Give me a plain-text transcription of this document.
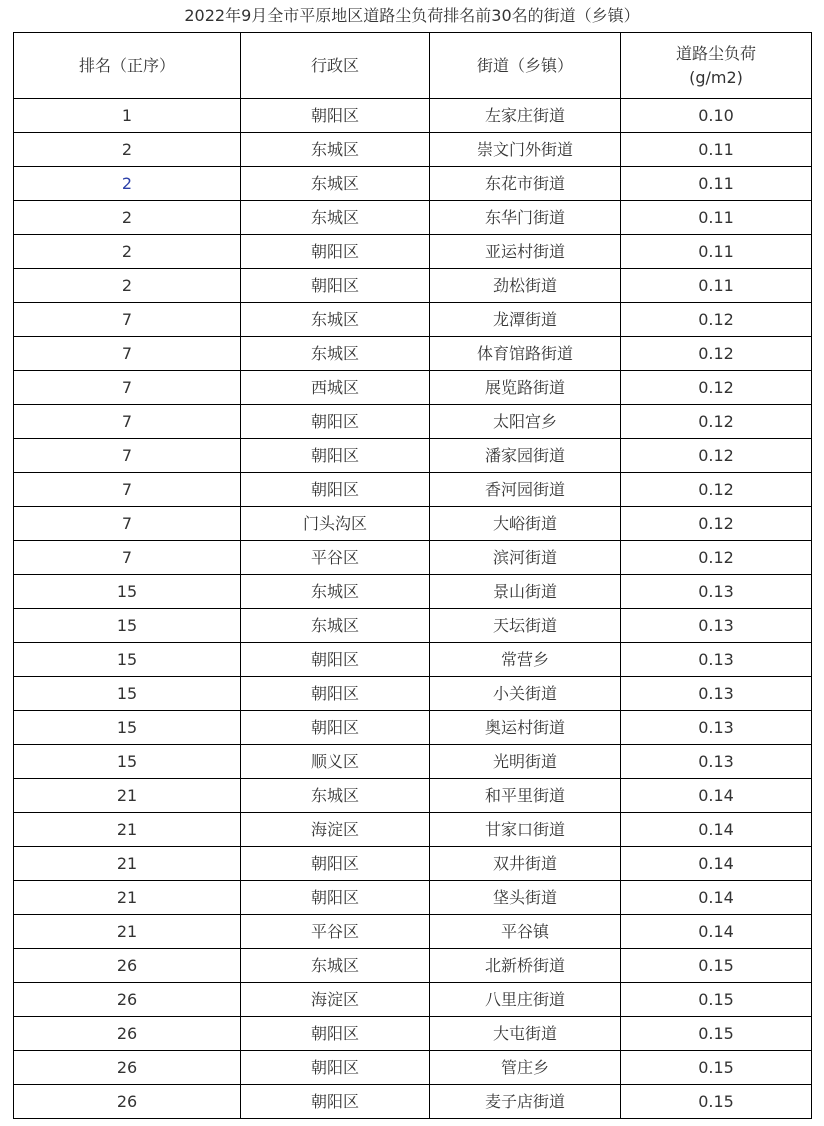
2022年9月全市平原地区道路尘负荷排名前30名的街道（乡镇）
排名（正序）	行政区	街道（乡镇）	道路尘负荷
(g/m2)

1	朝阳区	左家庄街道	0.10
2	东城区	崇文门外街道	0.11
2	东城区	东花市街道	0.11
2	东城区	东华门街道	0.11
2	朝阳区	亚运村街道	0.11
2	朝阳区	劲松街道	0.11
7	东城区	龙潭街道	0.12
7	东城区	体育馆路街道	0.12
7	西城区	展览路街道	0.12
7	朝阳区	太阳宫乡	0.12
7	朝阳区	潘家园街道	0.12
7	朝阳区	香河园街道	0.12
7	门头沟区	大峪街道	0.12
7	平谷区	滨河街道	0.12
15	东城区	景山街道	0.13
15	东城区	天坛街道	0.13
15	朝阳区	常营乡	0.13
15	朝阳区	小关街道	0.13
15	朝阳区	奥运村街道	0.13
15	顺义区	光明街道	0.13
21	东城区	和平里街道	0.14
21	海淀区	甘家口街道	0.14
21	朝阳区	双井街道	0.14
21	朝阳区	垡头街道	0.14
21	平谷区	平谷镇	0.14
26	东城区	北新桥街道	0.15
26	海淀区	八里庄街道	0.15
26	朝阳区	大屯街道	0.15
26	朝阳区	管庄乡	0.15
26	朝阳区	麦子店街道	0.15
